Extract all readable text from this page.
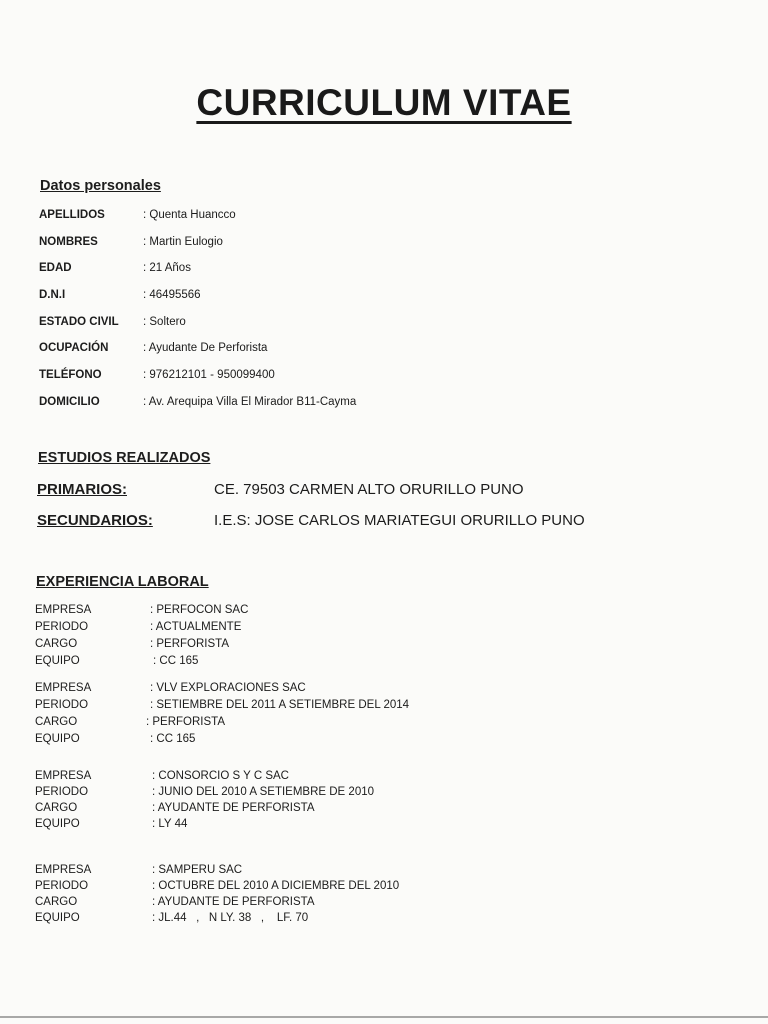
CURRICULUM VITAE
Datos personales
APELLIDOS	: Quenta Huancco
NOMBRES	: Martin Eulogio
EDAD	: 21 Años
D.N.I	: 46495566
ESTADO CIVIL : Soltero
OCUPACIÓN	: Ayudante De Perforista
TELÉFONO	: 976212101 - 950099400
DOMICILIO	: Av. Arequipa Villa El Mirador B11-Cayma
ESTUDIOS REALIZADOS
PRIMARIOS:	CE. 79503 CARMEN ALTO ORURILLO PUNO
SECUNDARIOS:	I.E.S: JOSE CARLOS MARIATEGUI ORURILLO PUNO
EXPERIENCIA LABORAL
EMPRESA	: PERFOCON SAC
PERIODO	: ACTUALMENTE
CARGO	: PERFORISTA
EQUIPO	: CC 165
EMPRESA	: VLV EXPLORACIONES SAC
PERIODO	: SETIEMBRE DEL 2011 A SETIEMBRE DEL 2014
CARGO	: PERFORISTA
EQUIPO	: CC 165
EMPRESA	: CONSORCIO S Y C SAC
PERIODO	: JUNIO DEL 2010 A SETIEMBRE DE 2010
CARGO	: AYUDANTE DE PERFORISTA
EQUIPO	: LY 44
EMPRESA	: SAMPERU SAC
PERIODO	: OCTUBRE DEL 2010 A DICIEMBRE DEL 2010
CARGO	: AYUDANTE DE PERFORISTA
EQUIPO	: JL.44   ,   N LY. 38   ,    LF. 70
